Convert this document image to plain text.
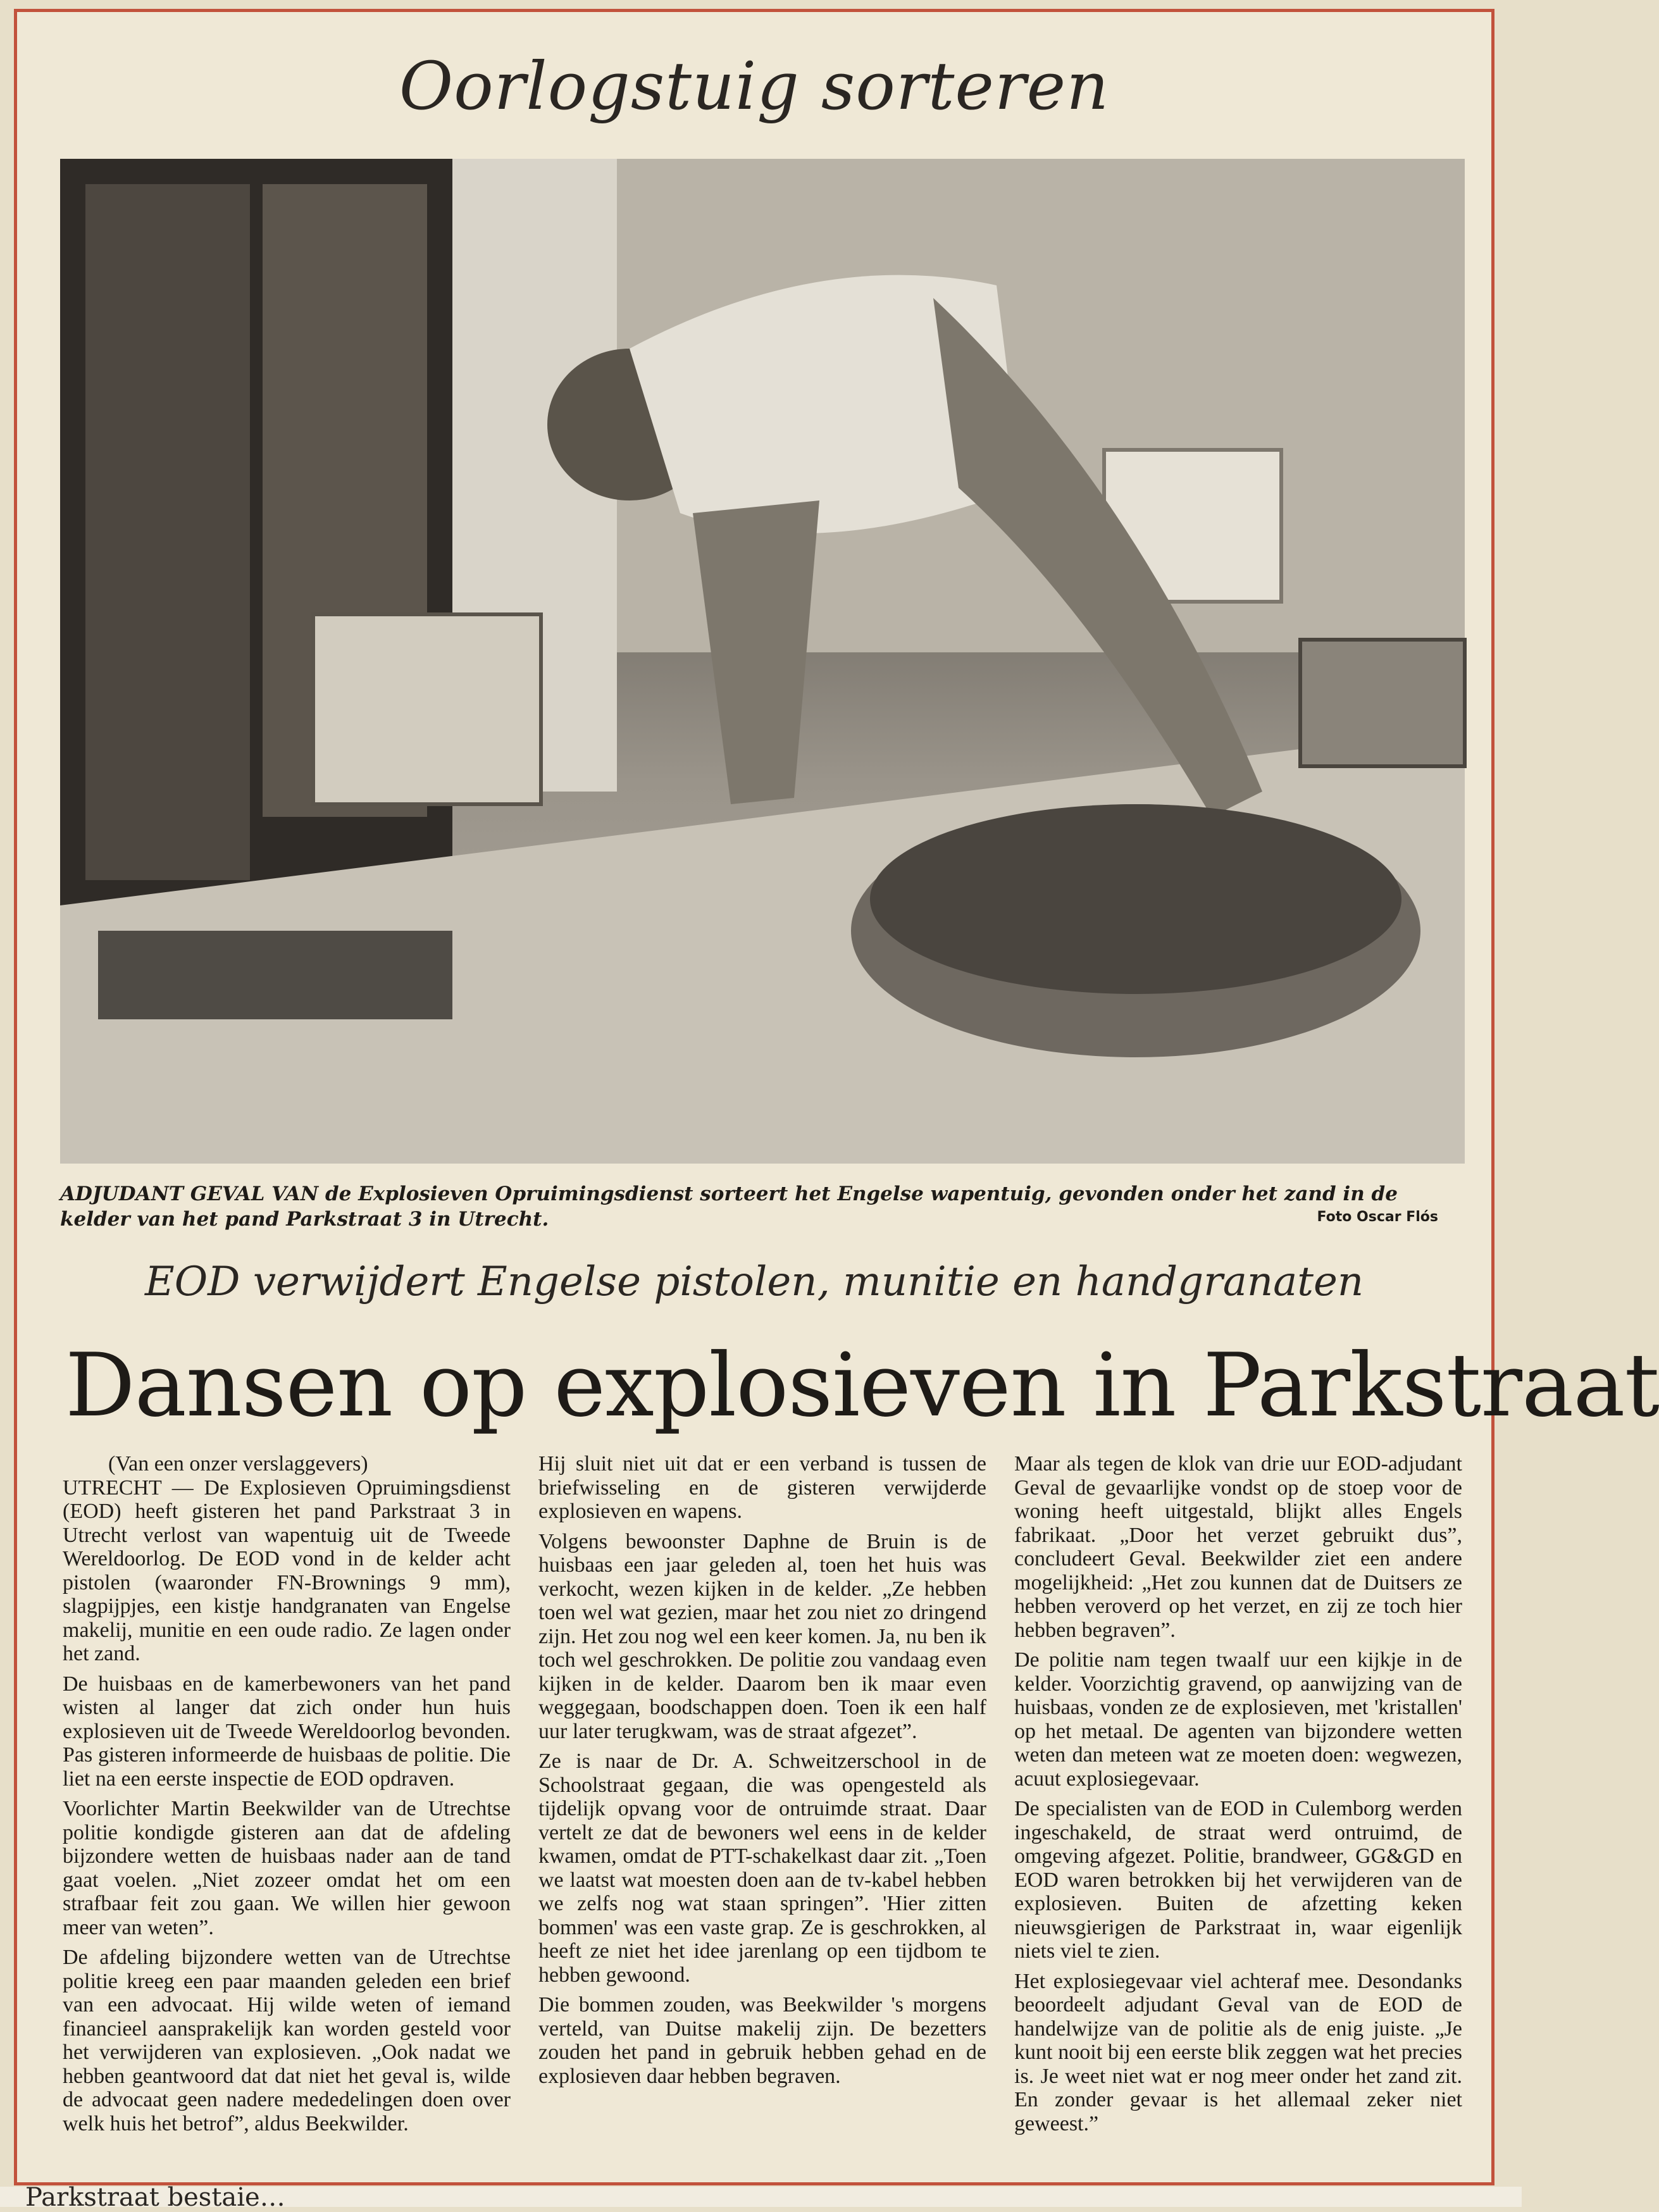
Oorlogstuig sorteren
ADJUDANT GEVAL VAN de Explosieven Opruimingsdienst sorteert het Engelse wapentuig, gevonden onder het zand in de kelder van het pand Parkstraat 3 in Utrecht.	Foto Oscar Flós
EOD verwijdert Engelse pistolen, munitie en handgranaten
Dansen op explosieven in Parkstraat

(Van een onzer verslaggevers)

UTRECHT — De Explosieven Opruimingsdienst (EOD) heeft gisteren het pand Parkstraat 3 in Utrecht verlost van wapentuig uit de Tweede Wereldoorlog. De EOD vond in de kelder acht pistolen (waaronder FN-Brownings 9 mm), slagpijpjes, een kistje handgranaten van Engelse makelij, munitie en een oude radio. Ze lagen onder het zand.

De huisbaas en de kamerbewoners van het pand wisten al langer dat zich onder hun huis explosieven uit de Tweede Wereldoorlog bevonden. Pas gisteren informeerde de huisbaas de politie. Die liet na een eerste inspectie de EOD opdraven.

Voorlichter Martin Beekwilder van de Utrechtse politie kondigde gisteren aan dat de afdeling bijzondere wetten de huisbaas nader aan de tand gaat voelen. „Niet zozeer omdat het om een strafbaar feit zou gaan. We willen hier gewoon meer van weten”.

De afdeling bijzondere wetten van de Utrechtse politie kreeg een paar maanden geleden een brief van een advocaat. Hij wilde weten of iemand financieel aansprakelijk kan worden gesteld voor het verwijderen van explosieven. „Ook nadat we hebben geantwoord dat dat niet het geval is, wilde de advocaat geen nadere mededelingen doen over welk huis het betrof”, aldus Beekwilder.

Hij sluit niet uit dat er een verband is tussen de briefwisseling en de gisteren verwijderde explosieven en wapens.

Volgens bewoonster Daphne de Bruin is de huisbaas een jaar geleden al, toen het huis was verkocht, wezen kijken in de kelder. „Ze hebben toen wel wat gezien, maar het zou niet zo dringend zijn. Het zou nog wel een keer komen. Ja, nu ben ik toch wel geschrokken. De politie zou vandaag even kijken in de kelder. Daarom ben ik maar even weggegaan, boodschappen doen. Toen ik een half uur later terugkwam, was de straat afgezet”.

Ze is naar de Dr. A. Schweitzerschool in de Schoolstraat gegaan, die was opengesteld als tijdelijk opvang voor de ontruimde straat. Daar vertelt ze dat de bewoners wel eens in de kelder kwamen, omdat de PTT-schakelkast daar zit. „Toen we laatst wat moesten doen aan de tv-kabel hebben we zelfs nog wat staan springen”. 'Hier zitten bommen' was een vaste grap. Ze is geschrokken, al heeft ze niet het idee jarenlang op een tijdbom te hebben gewoond.

Die bommen zouden, was Beekwilder 's morgens verteld, van Duitse makelij zijn. De bezetters zouden het pand in gebruik hebben gehad en de explosieven daar hebben begraven.

Maar als tegen de klok van drie uur EOD-adjudant Geval de gevaarlijke vondst op de stoep voor de woning heeft uitgestald, blijkt alles Engels fabrikaat. „Door het verzet gebruikt dus”, concludeert Geval. Beekwilder ziet een andere mogelijkheid: „Het zou kunnen dat de Duitsers ze hebben veroverd op het verzet, en zij ze toch hier hebben begraven”.

De politie nam tegen twaalf uur een kijkje in de kelder. Voorzichtig gravend, op aanwijzing van de huisbaas, vonden ze de explosieven, met 'kristallen' op het metaal. De agenten van bijzondere wetten weten dan meteen wat ze moeten doen: wegwezen, acuut explosiegevaar.

De specialisten van de EOD in Culemborg werden ingeschakeld, de straat werd ontruimd, de omgeving afgezet. Politie, brandweer, GG&GD en EOD waren betrokken bij het verwijderen van de explosieven. Buiten de afzetting keken nieuwsgierigen de Parkstraat in, waar eigenlijk niets viel te zien.

Het explosiegevaar viel achteraf mee. Desondanks beoordeelt adjudant Geval van de EOD de handelwijze van de politie als de enig juiste. „Je kunt nooit bij een eerste blik zeggen wat het precies is. Je weet niet wat er nog meer onder het zand zit. En zonder gevaar is het allemaal zeker niet geweest.”

Parkstraat bestaie…
